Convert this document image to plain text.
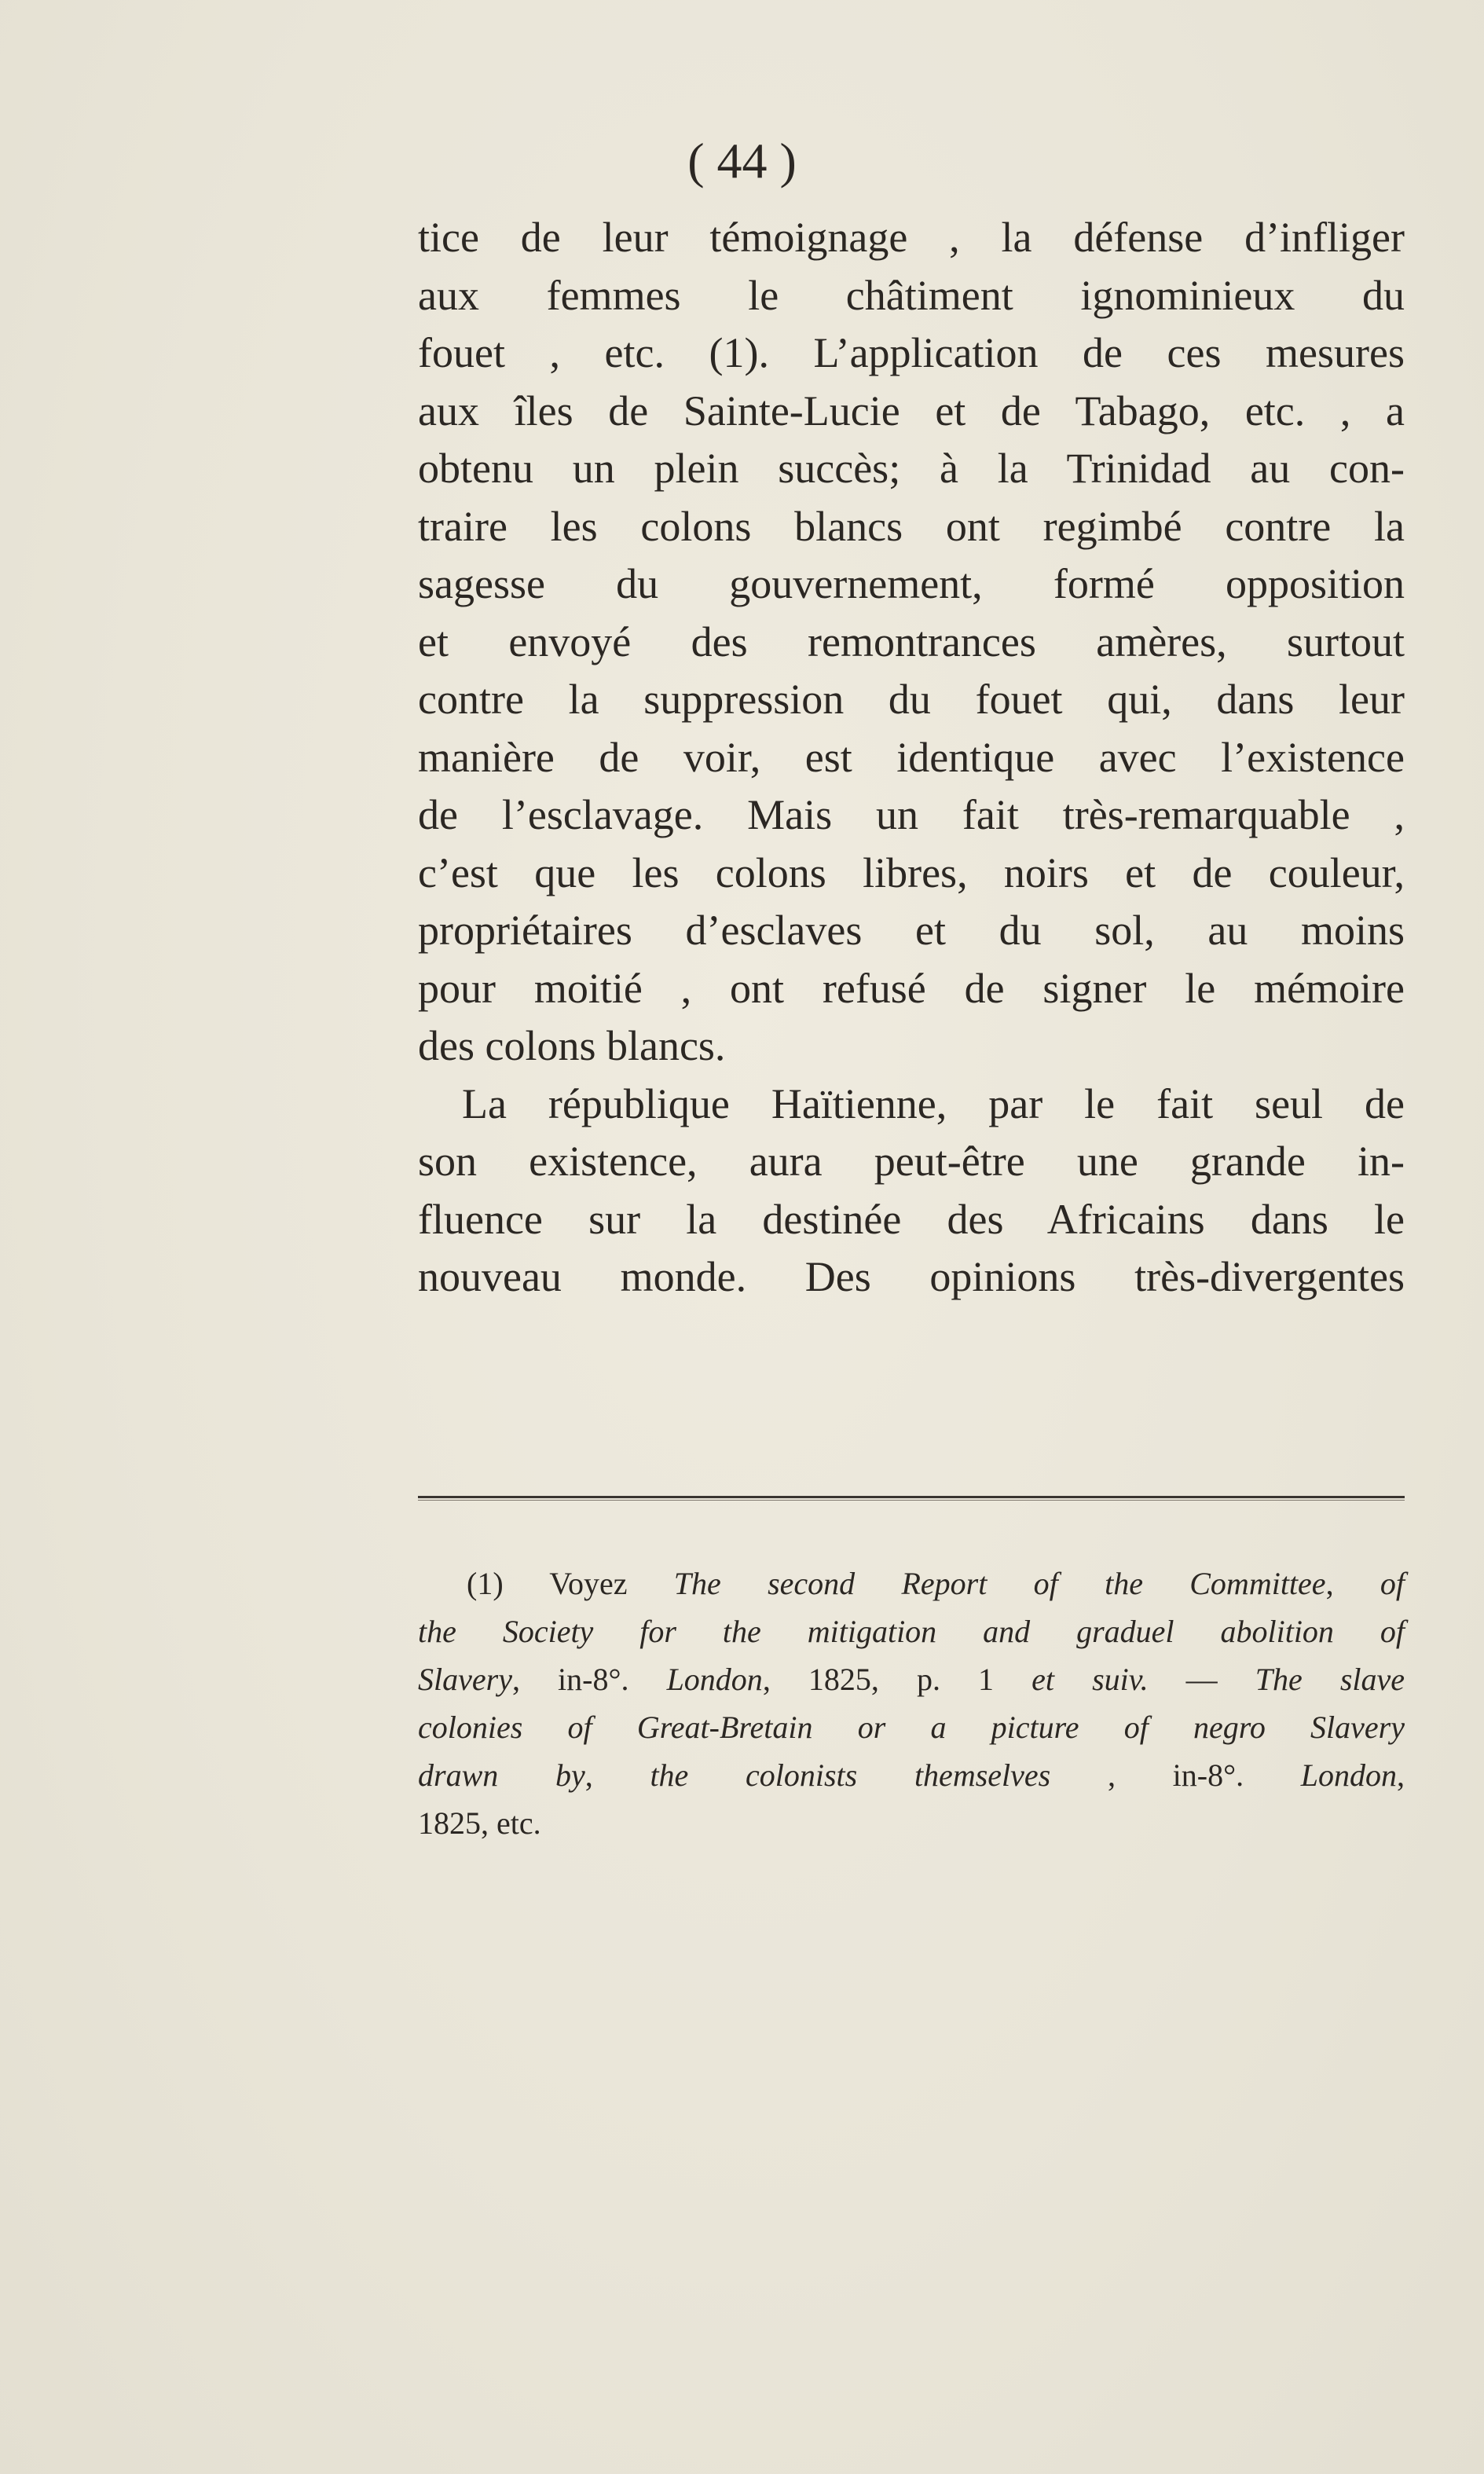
( 44 )
tice de leur témoignage , la défense d’infliger
aux femmes le châtiment ignominieux du
fouet , etc. (1). L’application de ces mesures
aux îles de Sainte-Lucie et de Tabago, etc. , a
obtenu un plein succès; à la Trinidad au con-
traire les colons blancs ont regimbé contre la
sagesse du gouvernement, formé opposition
et envoyé des remontrances amères, surtout
contre la suppression du fouet qui, dans leur
manière de voir, est identique avec l’existence
de l’esclavage. Mais un fait très-remarquable ,
c’est que les colons libres, noirs et de couleur,
propriétaires d’esclaves et du sol, au moins
pour moitié , ont refusé de signer le mémoire
des colons blancs.
La république Haïtienne, par le fait seul de
son existence, aura peut-être une grande in-
fluence sur la destinée des Africains dans le
nouveau monde. Des opinions très-divergentes
(1) Voyez The second Report of the Committee, of
the Society for the mitigation and graduel abolition of
Slavery, in-8°. London, 1825, p. 1 et suiv. — The slave
colonies of Great-Bretain or a picture of negro Slavery
drawn by, the colonists themselves , in-8°. London,
1825, etc.
